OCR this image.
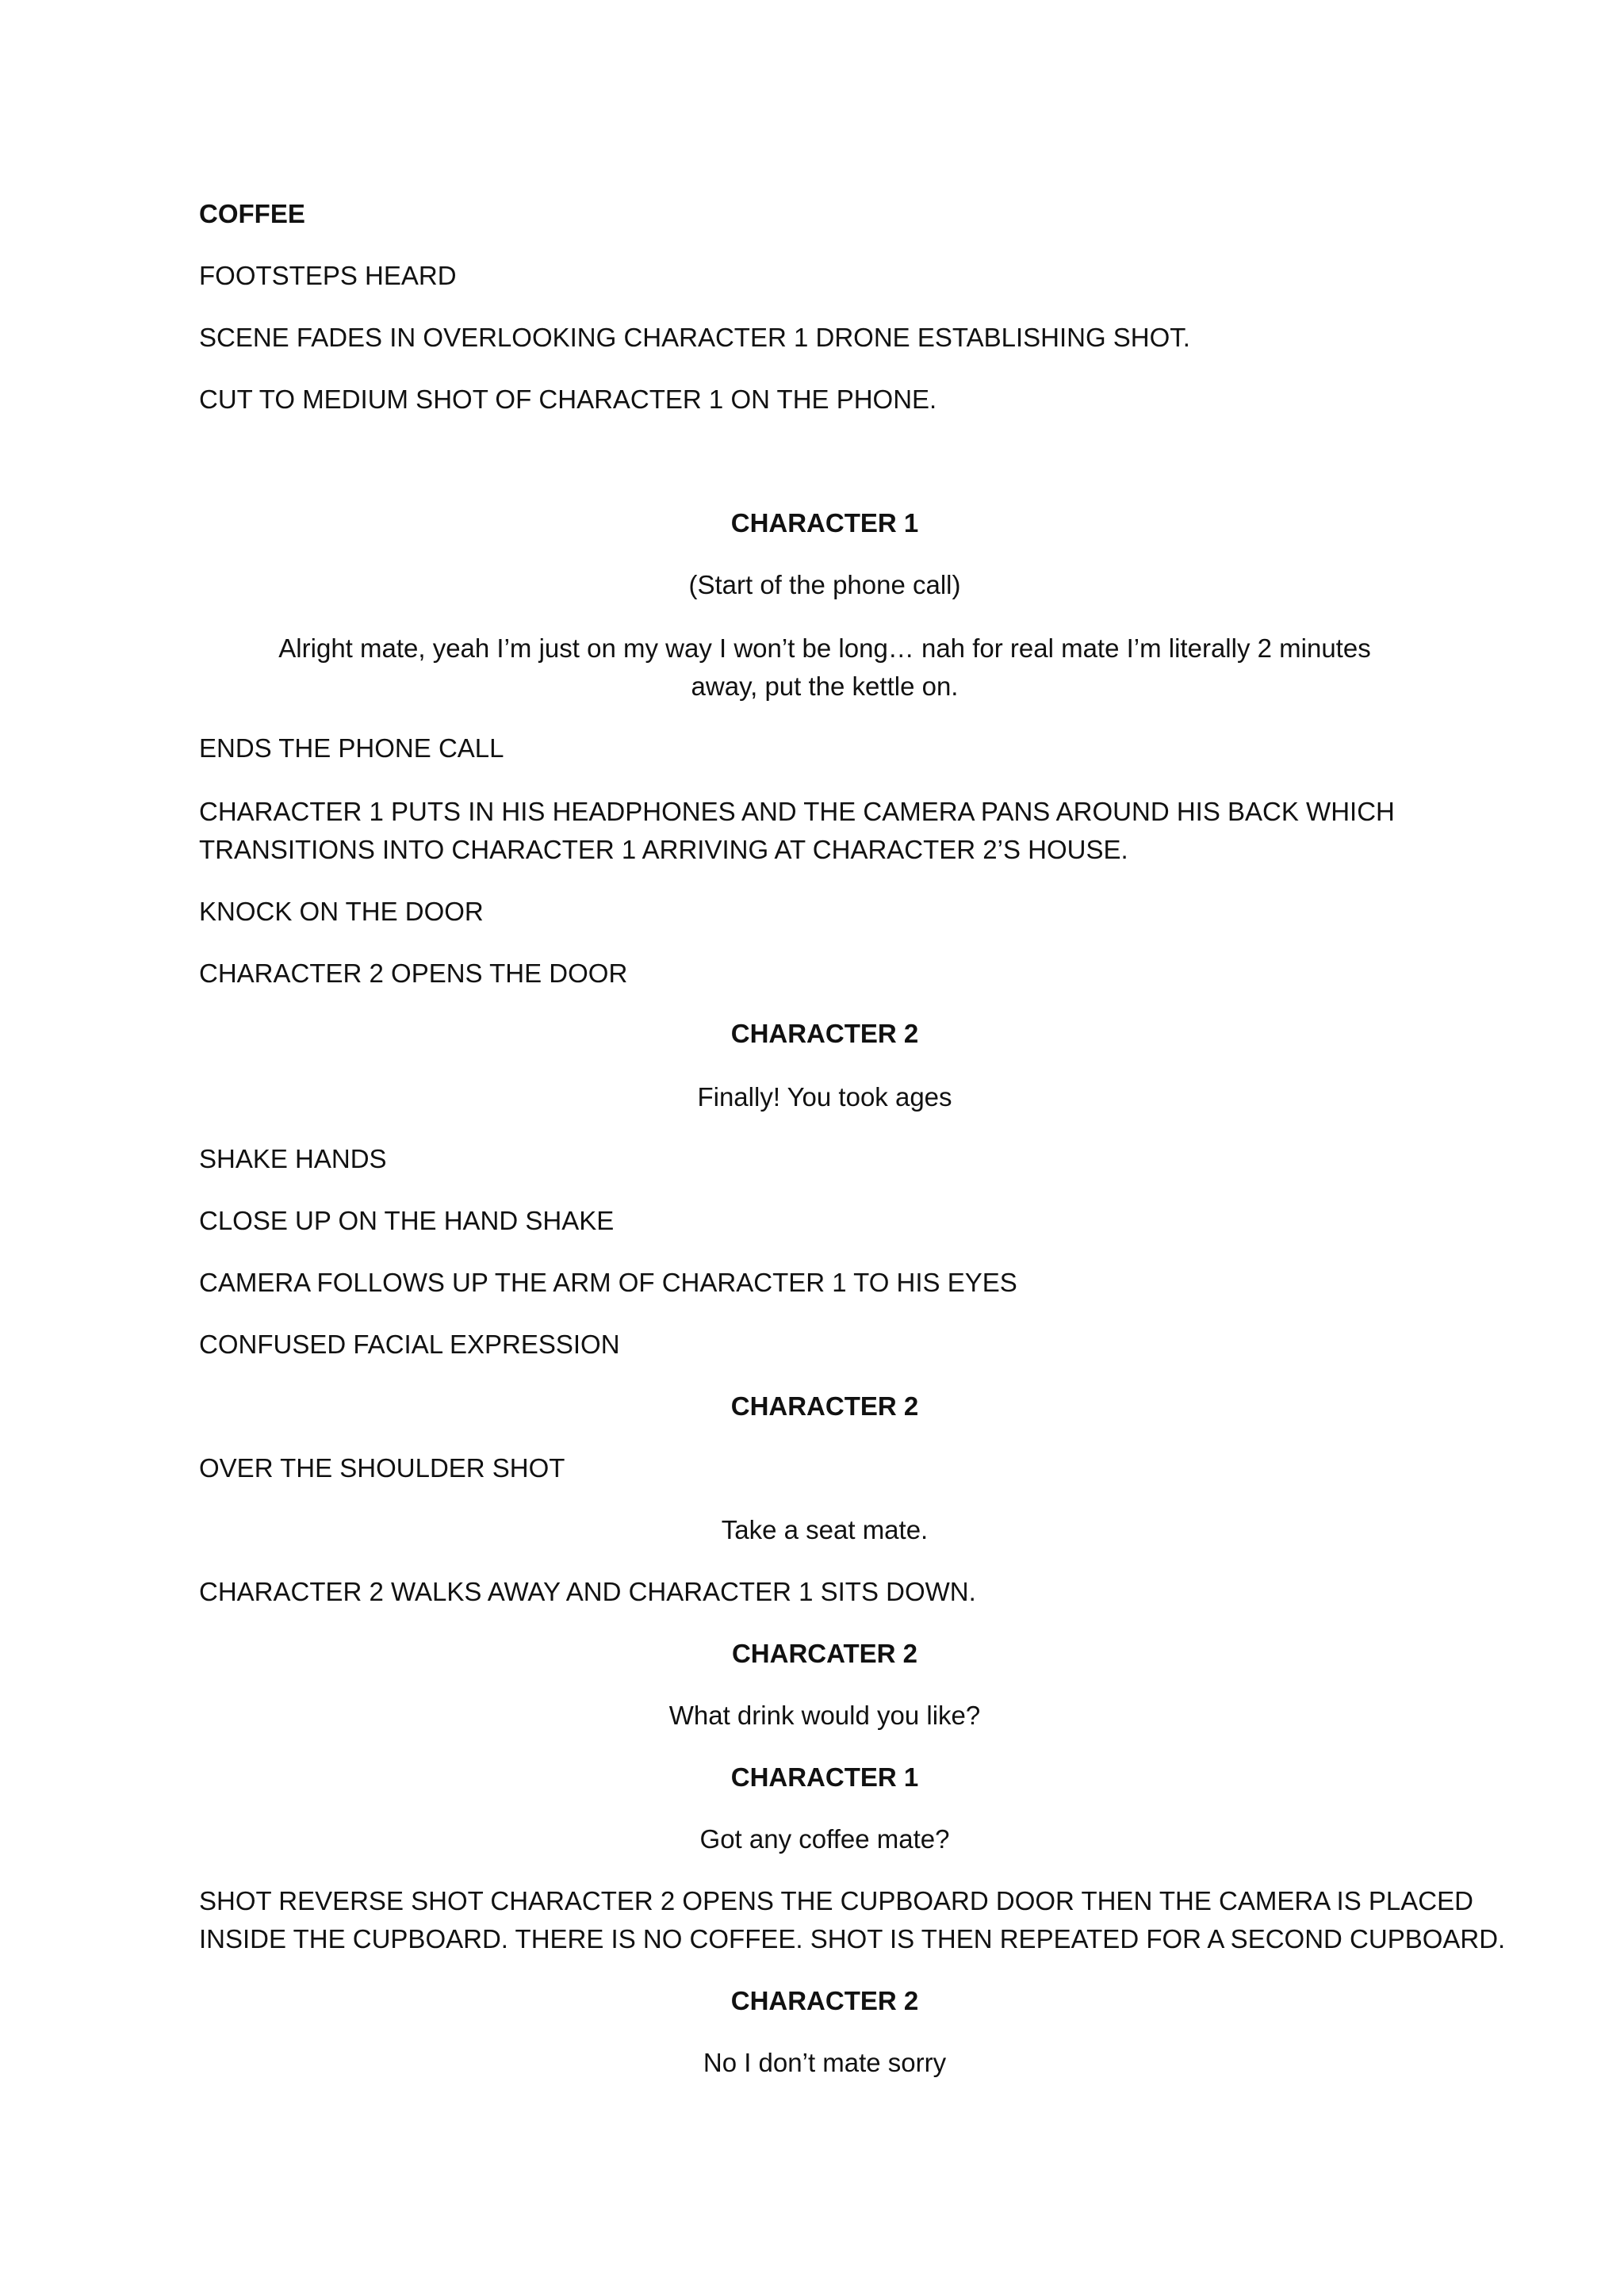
COFFEE

FOOTSTEPS HEARD

SCENE FADES IN OVERLOOKING CHARACTER 1 DRONE ESTABLISHING SHOT.

CUT TO MEDIUM SHOT OF CHARACTER 1 ON THE PHONE.

CHARACTER 1

(Start of the phone call)

Alright mate, yeah I’m just on my way I won’t be long… nah for real mate I’m literally 2 minutes

away, put the kettle on.

ENDS THE PHONE CALL

CHARACTER 1 PUTS IN HIS HEADPHONES AND THE CAMERA PANS AROUND HIS BACK WHICH

TRANSITIONS INTO CHARACTER 1 ARRIVING AT CHARACTER 2’S HOUSE.

KNOCK ON THE DOOR

CHARACTER 2 OPENS THE DOOR

CHARACTER 2

Finally! You took ages

SHAKE HANDS

CLOSE UP ON THE HAND SHAKE

CAMERA FOLLOWS UP THE ARM OF CHARACTER 1 TO HIS EYES

CONFUSED FACIAL EXPRESSION

CHARACTER 2

OVER THE SHOULDER SHOT

Take a seat mate.

CHARACTER 2 WALKS AWAY AND CHARACTER 1 SITS DOWN.

CHARCATER 2

What drink would you like?

CHARACTER 1

Got any coffee mate?

SHOT REVERSE SHOT CHARACTER 2 OPENS THE CUPBOARD DOOR THEN THE CAMERA IS PLACED

INSIDE THE CUPBOARD. THERE IS NO COFFEE. SHOT IS THEN REPEATED FOR A SECOND CUPBOARD.

CHARACTER 2

No I don’t mate sorry
